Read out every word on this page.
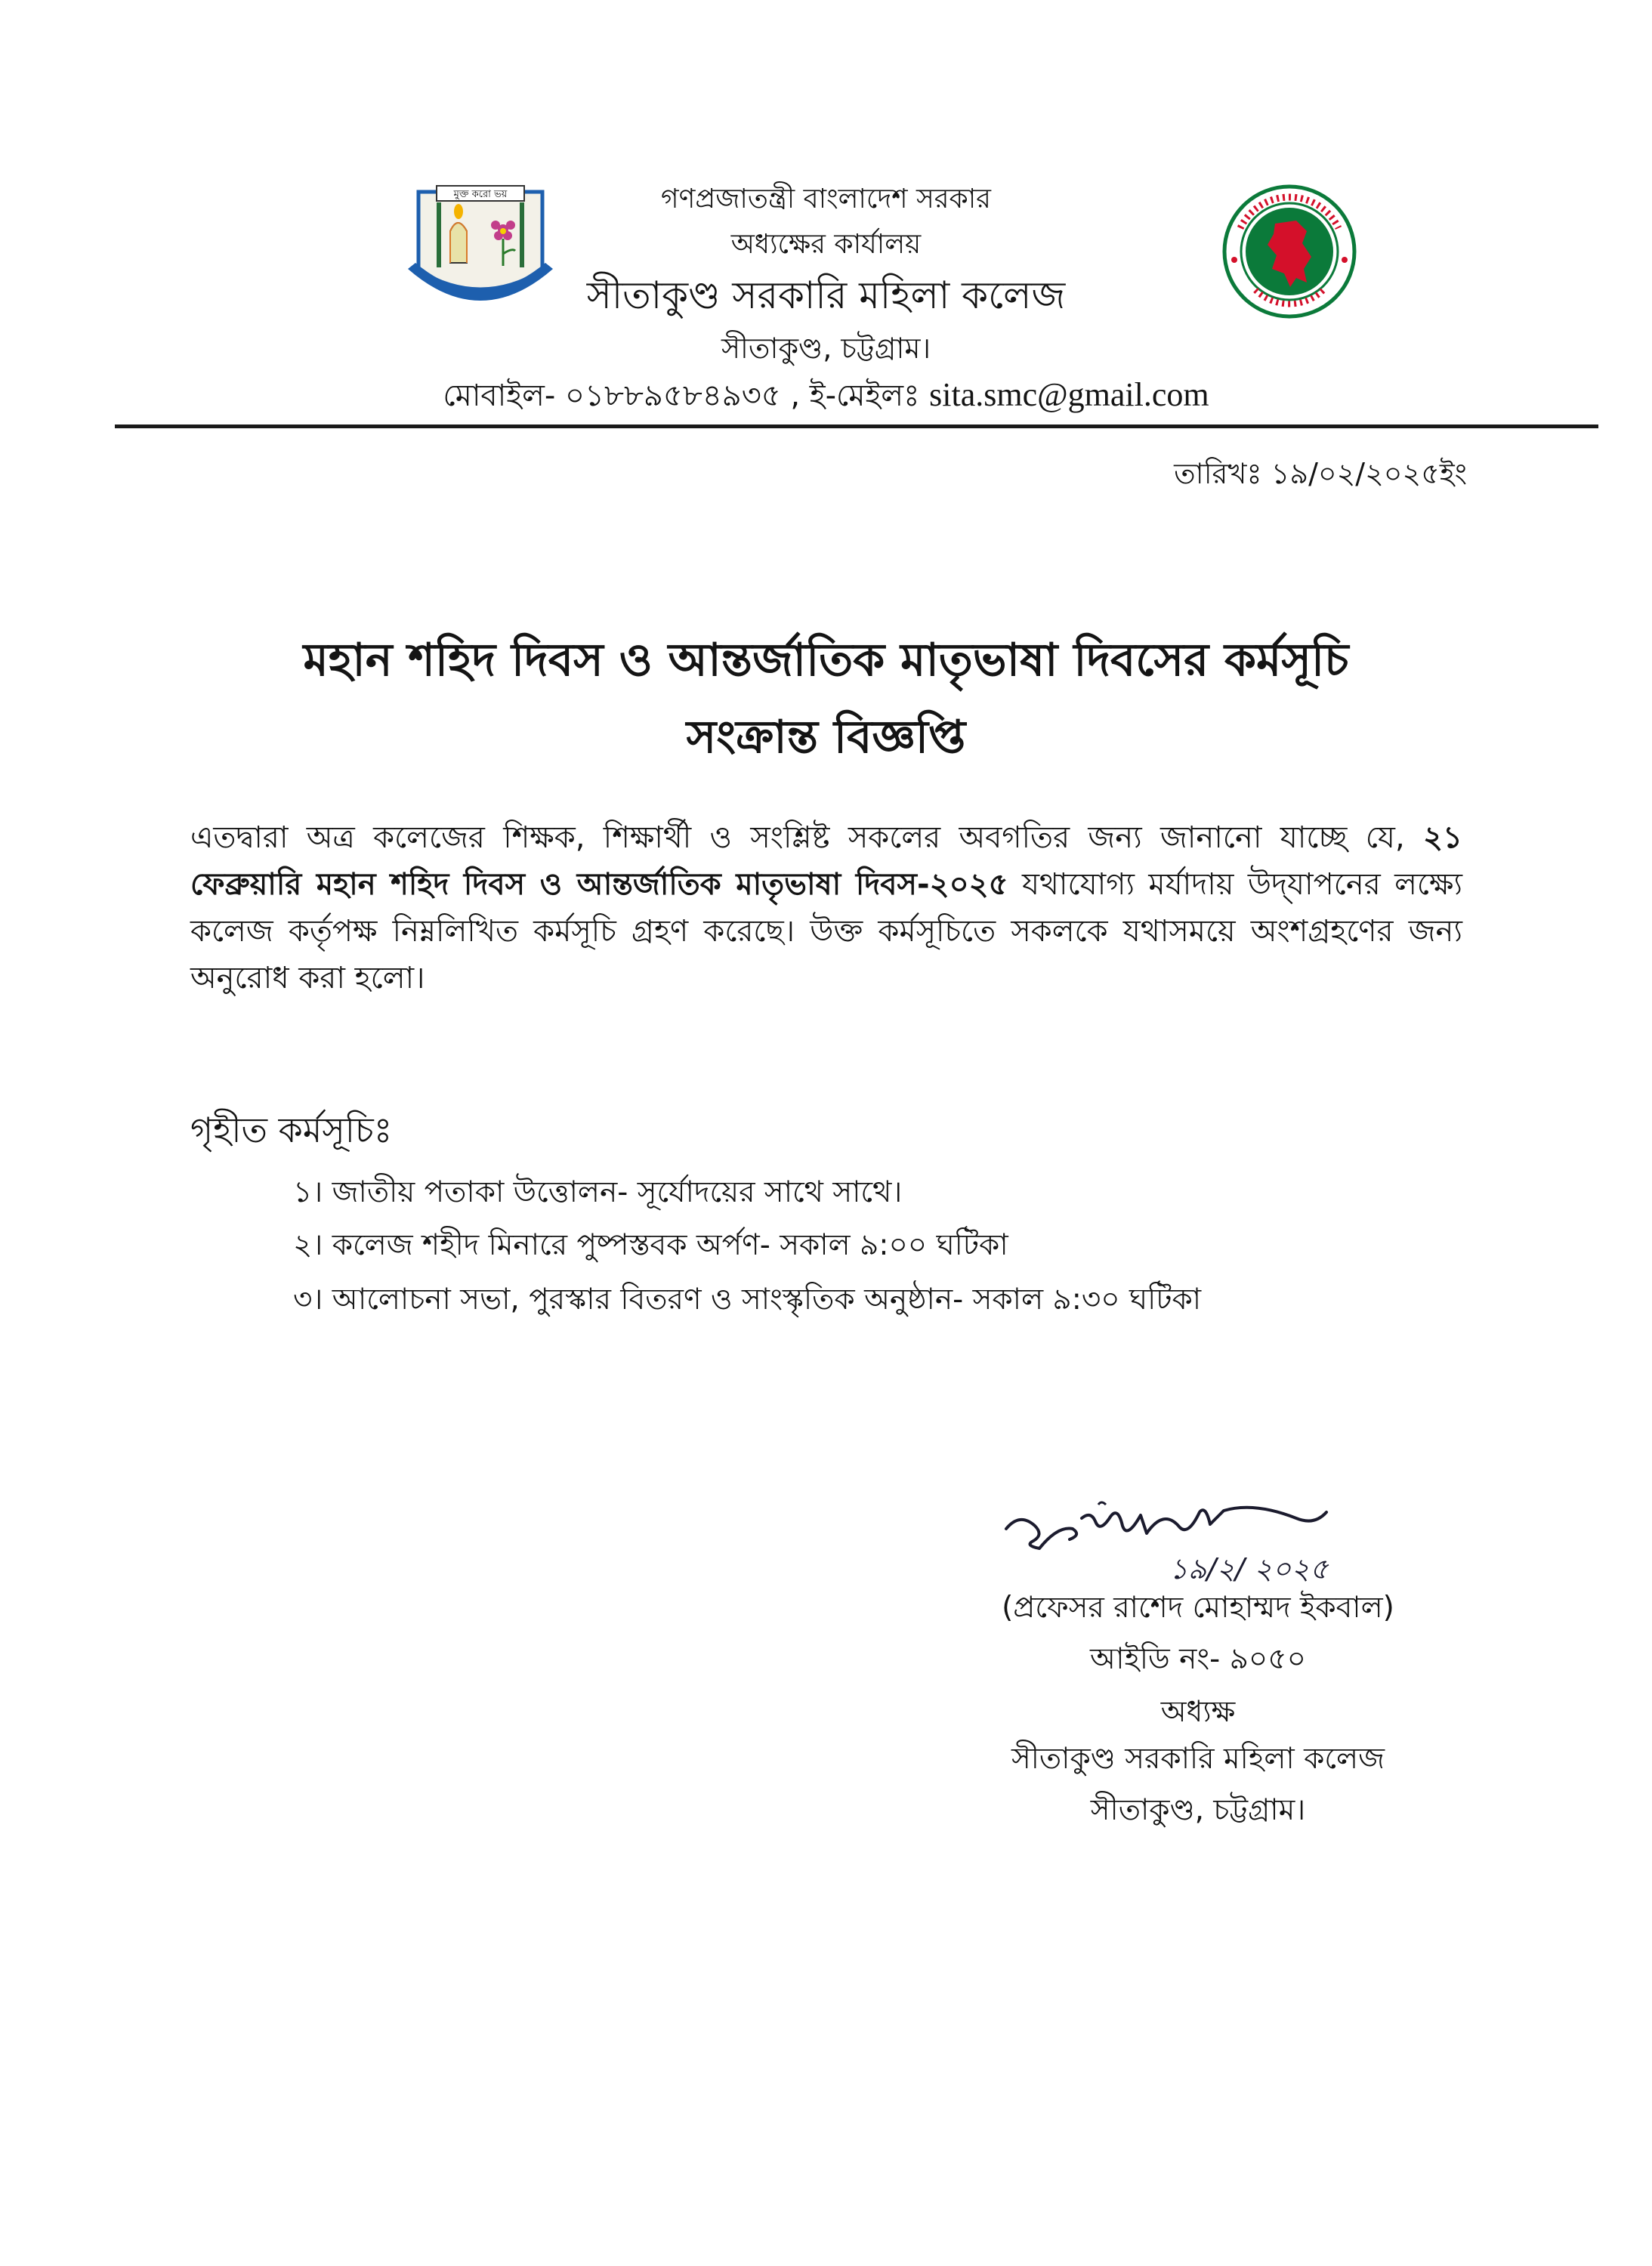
মুক্ত করো ভয়	গণপ্রজাতন্ত্রী বাংলাদেশ সরকার
অধ্যক্ষের কার্যালয়
সীতাকুণ্ড সরকারি মহিলা কলেজ
সীতাকুণ্ড, চট্টগ্রাম।
মোবাইল- ০১৮৮৯৫৮৪৯৩৫ , ই-মেইলঃ sita.smc@gmail.com
তারিখঃ ১৯/০২/২০২৫ইং
মহান শহিদ দিবস ও আন্তর্জাতিক মাতৃভাষা দিবসের কর্মসূচি
সংক্রান্ত বিজ্ঞপ্তি
এতদ্বারা অত্র কলেজের শিক্ষক, শিক্ষার্থী ও সংশ্লিষ্ট সকলের অবগতির জন্য জানানো যাচ্ছে যে, ২১ ফেব্রুয়ারি মহান শহিদ দিবস ও আন্তর্জাতিক মাতৃভাষা দিবস-২০২৫ যথাযোগ্য মর্যাদায় উদ্‌যাপনের লক্ষ্যে কলেজ কর্তৃপক্ষ নিম্নলিখিত কর্মসূচি গ্রহণ করেছে। উক্ত কর্মসূচিতে সকলকে যথাসময়ে অংশগ্রহণের জন্য অনুরোধ করা হলো।
গৃহীত কর্মসূচিঃ
১। জাতীয় পতাকা উত্তোলন- সূর্যোদয়ের সাথে সাথে।
২। কলেজ শহীদ মিনারে পুষ্পস্তবক অর্পণ- সকাল ৯:০০ ঘটিকা
৩। আলোচনা সভা, পুরস্কার বিতরণ ও সাংস্কৃতিক অনুষ্ঠান- সকাল ৯:৩০ ঘটিকা
১৯/২/ ২০২৫
(প্রফেসর রাশেদ মোহাম্মদ ইকবাল)
আইডি নং- ৯০৫০
অধ্যক্ষ
সীতাকুণ্ড সরকারি মহিলা কলেজ
সীতাকুণ্ড, চট্টগ্রাম।
